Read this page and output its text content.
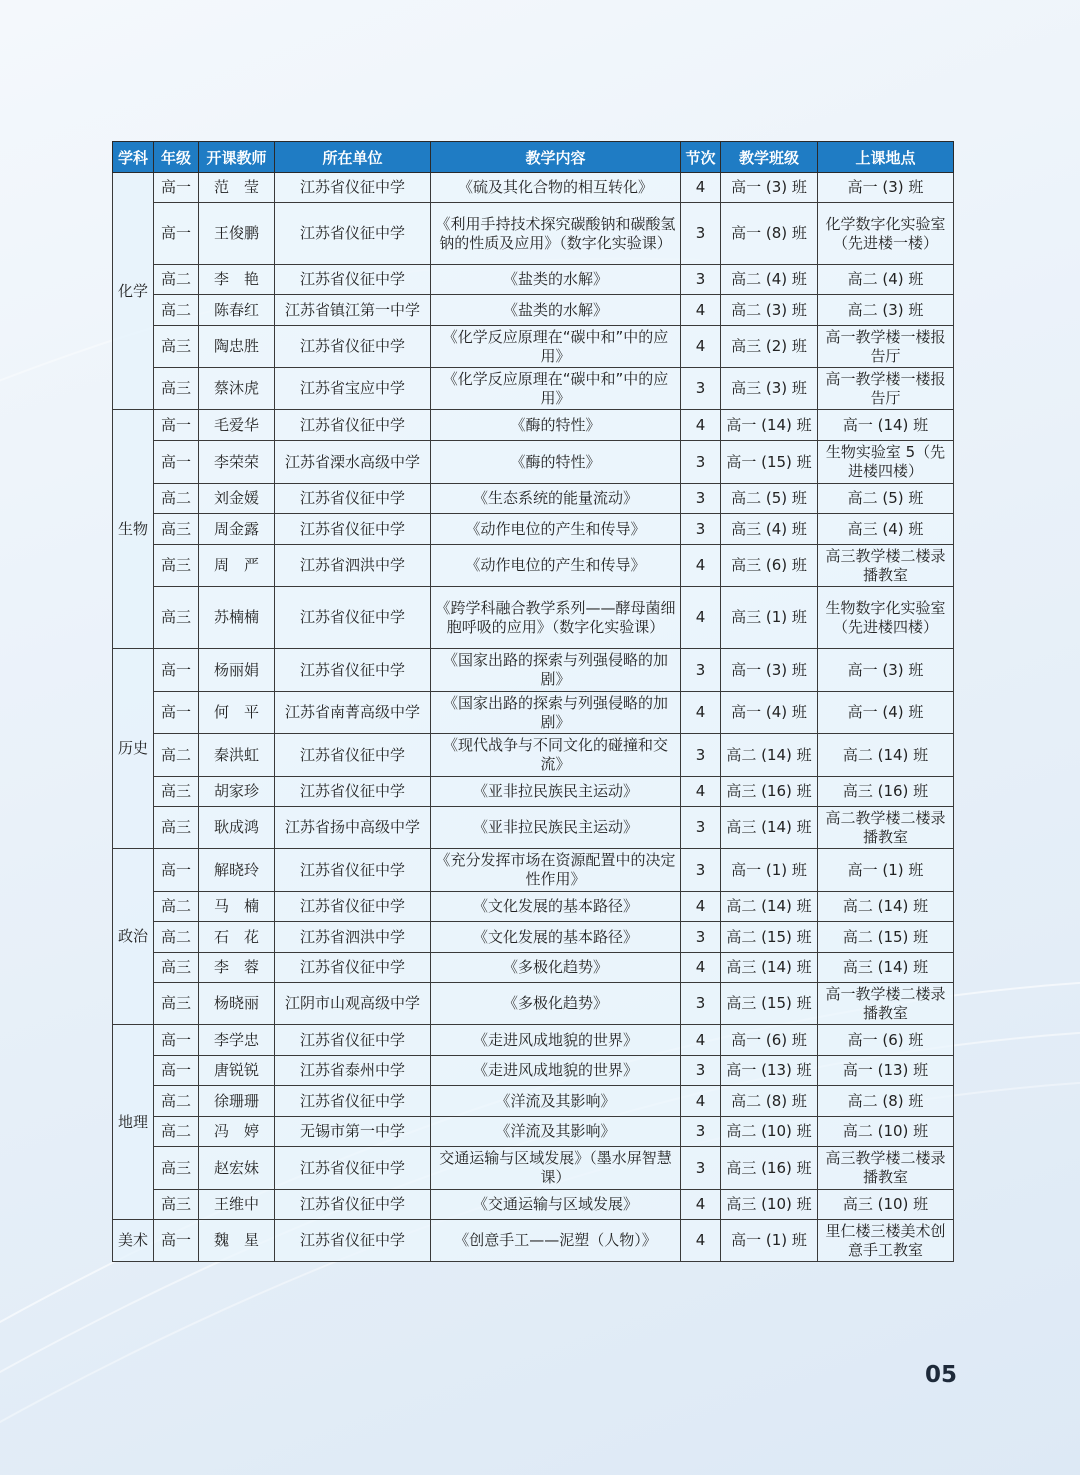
学科	年级	开课教师	所在单位	教学内容	节次	教学班级	上课地点
化学	高一	范　莹	江苏省仪征中学	《硫及其化合物的相互转化》	4	高一 (3) 班	高一 (3) 班
	高一	王俊鹏	江苏省仪征中学	《利用手持技术探究碳酸钠和碳酸氢钠的性质及应用》（数字化实验课）	3	高一 (8) 班	化学数字化实验室（先进楼一楼）
	高二	李　艳	江苏省仪征中学	《盐类的水解》	3	高二 (4) 班	高二 (4) 班
	高二	陈春红	江苏省镇江第一中学	《盐类的水解》	4	高二 (3) 班	高二 (3) 班
	高三	陶忠胜	江苏省仪征中学	《化学反应原理在“碳中和”中的应用》	4	高三 (2) 班	高一教学楼一楼报告厅
	高三	蔡沐虎	江苏省宝应中学	《化学反应原理在“碳中和”中的应用》	3	高三 (3) 班	高一教学楼一楼报告厅
生物	高一	毛爱华	江苏省仪征中学	《酶的特性》	4	高一 (14) 班	高一 (14) 班
	高一	李荣荣	江苏省溧水高级中学	《酶的特性》	3	高一 (15) 班	生物实验室 5（先进楼四楼）
	高二	刘金媛	江苏省仪征中学	《生态系统的能量流动》	3	高二 (5) 班	高二 (5) 班
	高三	周金露	江苏省仪征中学	《动作电位的产生和传导》	3	高三 (4) 班	高三 (4) 班
	高三	周　严	江苏省泗洪中学	《动作电位的产生和传导》	4	高三 (6) 班	高三教学楼二楼录播教室
	高三	苏楠楠	江苏省仪征中学	《跨学科融合教学系列——酵母菌细胞呼吸的应用》（数字化实验课）	4	高三 (1) 班	生物数字化实验室（先进楼四楼）
历史	高一	杨丽娟	江苏省仪征中学	《国家出路的探索与列强侵略的加剧》	3	高一 (3) 班	高一 (3) 班
	高一	何　平	江苏省南菁高级中学	《国家出路的探索与列强侵略的加剧》	4	高一 (4) 班	高一 (4) 班
	高二	秦洪虹	江苏省仪征中学	《现代战争与不同文化的碰撞和交流》	3	高二 (14) 班	高二 (14) 班
	高三	胡家珍	江苏省仪征中学	《亚非拉民族民主运动》	4	高三 (16) 班	高三 (16) 班
	高三	耿成鸿	江苏省扬中高级中学	《亚非拉民族民主运动》	3	高三 (14) 班	高二教学楼二楼录播教室
政治	高一	解晓玲	江苏省仪征中学	《充分发挥市场在资源配置中的决定性作用》	3	高一 (1) 班	高一 (1) 班
	高二	马　楠	江苏省仪征中学	《文化发展的基本路径》	4	高二 (14) 班	高二 (14) 班
	高二	石　花	江苏省泗洪中学	《文化发展的基本路径》	3	高二 (15) 班	高二 (15) 班
	高三	李　蓉	江苏省仪征中学	《多极化趋势》	4	高三 (14) 班	高三 (14) 班
	高三	杨晓丽	江阴市山观高级中学	《多极化趋势》	3	高三 (15) 班	高一教学楼二楼录播教室
地理	高一	李学忠	江苏省仪征中学	《走进风成地貌的世界》	4	高一 (6) 班	高一 (6) 班
	高一	唐锐锐	江苏省泰州中学	《走进风成地貌的世界》	3	高一 (13) 班	高一 (13) 班
	高二	徐珊珊	江苏省仪征中学	《洋流及其影响》	4	高二 (8) 班	高二 (8) 班
	高二	冯　婷	无锡市第一中学	《洋流及其影响》	3	高二 (10) 班	高二 (10) 班
	高三	赵宏妹	江苏省仪征中学	交通运输与区域发展》（墨水屏智慧课）	3	高三 (16) 班	高三教学楼二楼录播教室
	高三	王维中	江苏省仪征中学	《交通运输与区域发展》	4	高三 (10) 班	高三 (10) 班
美术	高一	魏　星	江苏省仪征中学	《创意手工——泥塑（人物）》	4	高一 (1) 班	里仁楼三楼美术创意手工教室
05
